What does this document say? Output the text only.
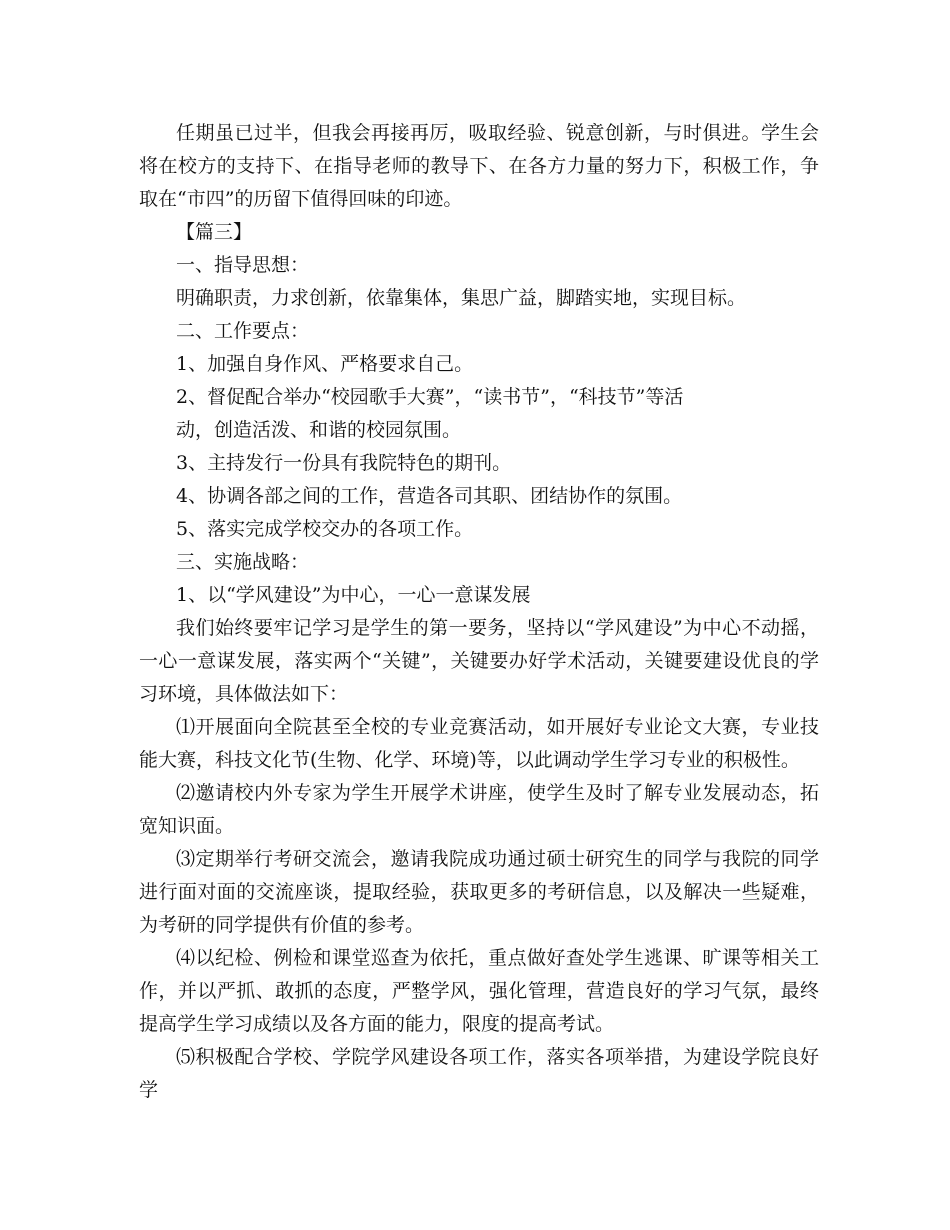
任期虽已过半，但我会再接再厉，吸取经验、锐意创新，与时俱进。学生会将在校方的支持下、在指导老师的教导下、在各方力量的努力下，积极工作，争取在“市四”的历留下值得回味的印迹。

【篇三】

一、指导思想：

明确职责，力求创新，依靠集体，集思广益，脚踏实地，实现目标。

二、工作要点：

1、加强自身作风、严格要求自己。

2、督促配合举办“校园歌手大赛”，“读书节”，“科技节”等活

动，创造活泼、和谐的校园氛围。

3、主持发行一份具有我院特色的期刊。

4、协调各部之间的工作，营造各司其职、团结协作的氛围。

5、落实完成学校交办的各项工作。

三、实施战略：

1、以“学风建设”为中心，一心一意谋发展

我们始终要牢记学习是学生的第一要务，坚持以“学风建设”为中心不动摇，一心一意谋发展，落实两个“关键”，关键要办好学术活动，关键要建设优良的学习环境，具体做法如下：

⑴开展面向全院甚至全校的专业竞赛活动，如开展好专业论文大赛，专业技能大赛，科技文化节(生物、化学、环境)等，以此调动学生学习专业的积极性。

⑵邀请校内外专家为学生开展学术讲座，使学生及时了解专业发展动态，拓宽知识面。

⑶定期举行考研交流会，邀请我院成功通过硕士研究生的同学与我院的同学进行面对面的交流座谈，提取经验，获取更多的考研信息，以及解决一些疑难，为考研的同学提供有价值的参考。

⑷以纪检、例检和课堂巡查为依托，重点做好查处学生逃课、旷课等相关工作，并以严抓、敢抓的态度，严整学风，强化管理，营造良好的学习气氛，最终提高学生学习成绩以及各方面的能力，限度的提高考试。

⑸积极配合学校、学院学风建设各项工作，落实各项举措，为建设学院良好学
